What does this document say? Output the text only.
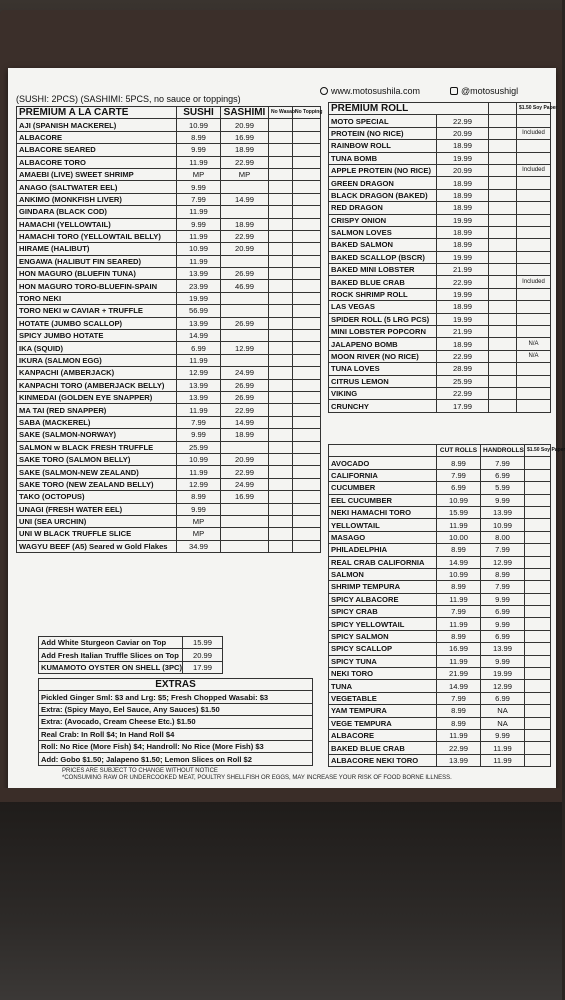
www.motosushila.com	@motosushigl
(SUSHI: 2PCS) (SASHIMI: 5PCS, no sauce or toppings)
PREMIUM A LA CARTE	SUSHI	SASHIMI	No Wasabi	No Topping
AJI (SPANISH MACKEREL)	10.99	20.99		
ALBACORE	8.99	16.99		
ALBACORE SEARED	9.99	18.99		
ALBACORE TORO	11.99	22.99		
AMAEBI (LIVE) SWEET SHRIMP	MP	MP		
ANAGO (SALTWATER EEL)	9.99			
ANKIMO (MONKFISH LIVER)	7.99	14.99		
GINDARA (BLACK COD)	11.99			
HAMACHI (YELLOWTAIL)	9.99	18.99		
HAMACHI TORO (YELLOWTAIL BELLY)	11.99	22.99		
HIRAME (HALIBUT)	10.99	20.99		
ENGAWA (HALIBUT FIN SEARED)	11.99			
HON MAGURO (BLUEFIN TUNA)	13.99	26.99		
HON MAGURO TORO-BLUEFIN-SPAIN	23.99	46.99		
TORO NEKI	19.99			
TORO NEKI w CAVIAR + TRUFFLE	56.99			
HOTATE (JUMBO SCALLOP)	13.99	26.99		
SPICY JUMBO HOTATE	14.99			
IKA (SQUID)	6.99	12.99		
IKURA (SALMON EGG)	11.99			
KANPACHI (AMBERJACK)	12.99	24.99		
KANPACHI TORO (AMBERJACK BELLY)	13.99	26.99		
KINMEDAI (GOLDEN EYE SNAPPER)	13.99	26.99		
MA TAI (RED SNAPPER)	11.99	22.99		
SABA (MACKEREL)	7.99	14.99		
SAKE (SALMON-NORWAY)	9.99	18.99		
SALMON w BLACK FRESH TRUFFLE	25.99			
SAKE TORO (SALMON BELLY)	10.99	20.99		
SAKE (SALMON-NEW ZEALAND)	11.99	22.99		
SAKE TORO (NEW ZEALAND BELLY)	12.99	24.99		
TAKO (OCTOPUS)	8.99	16.99		
UNAGI (FRESH WATER EEL)	9.99			
UNI (SEA URCHIN)	MP			
UNI W BLACK TRUFFLE SLICE	MP			
WAGYU BEEF (A5) Seared w Gold Flakes	34.99			
Add White Sturgeon Caviar on Top	15.99
Add Fresh Italian Truffle Slices on Top	20.99
KUMAMOTO OYSTER ON SHELL (3PC)	17.99
EXTRAS
Pickled Ginger Sml: $3 and Lrg: $5; Fresh Chopped Wasabi: $3
Extra: (Spicy Mayo, Eel Sauce, Any Sauces) $1.50
Extra: (Avocado, Cream Cheese Etc.) $1.50
Real Crab: In Roll $4; In Hand Roll $4
Roll: No Rice (More Fish) $4; Handroll: No Rice (More Fish) $3
Add: Gobo $1.50; Jalapeno $1.50; Lemon Slices on Roll $2
PREMIUM ROLL			$1.50 Soy Paper
MOTO SPECIAL	22.99		
PROTEIN (NO RICE)	20.99		Included
RAINBOW ROLL	18.99		
TUNA BOMB	19.99		
APPLE PROTEIN (NO RICE)	20.99		Included
GREEN DRAGON	18.99		
BLACK DRAGON (BAKED)	18.99		
RED DRAGON	18.99		
CRISPY ONION	19.99		
SALMON LOVES	18.99		
BAKED SALMON	18.99		
BAKED SCALLOP (BSCR)	19.99		
BAKED MINI LOBSTER	21.99		
BAKED BLUE CRAB	22.99		Included
ROCK SHRIMP ROLL	19.99		
LAS VEGAS	18.99		
SPIDER ROLL (5 LRG PCS)	19.99		
MINI LOBSTER POPCORN	21.99		
JALAPENO BOMB	18.99		N/A
MOON RIVER (NO RICE)	22.99		N/A
TUNA LOVES	28.99		
CITRUS LEMON	25.99		
VIKING	22.99		
CRUNCHY	17.99		
	CUT ROLLS	HANDROLLS	$1.50 Soy Paper
AVOCADO	8.99	7.99	
CALIFORNIA	7.99	6.99	
CUCUMBER	6.99	5.99	
EEL CUCUMBER	10.99	9.99	
NEKI HAMACHI TORO	15.99	13.99	
YELLOWTAIL	11.99	10.99	
MASAGO	10.00	8.00	
PHILADELPHIA	8.99	7.99	
REAL CRAB CALIFORNIA	14.99	12.99	
SALMON	10.99	8.99	
SHRIMP TEMPURA	8.99	7.99	
SPICY ALBACORE	11.99	9.99	
SPICY CRAB	7.99	6.99	
SPICY YELLOWTAIL	11.99	9.99	
SPICY SALMON	8.99	6.99	
SPICY SCALLOP	16.99	13.99	
SPICY TUNA	11.99	9.99	
NEKI TORO	21.99	19.99	
TUNA	14.99	12.99	
VEGETABLE	7.99	6.99	
YAM TEMPURA	8.99	NA	
VEGE TEMPURA	8.99	NA	
ALBACORE	11.99	9.99	
BAKED BLUE CRAB	22.99	11.99	
ALBACORE NEKI TORO	13.99	11.99	
PRICES ARE SUBJECT TO CHANGE WITHOUT NOTICE
*CONSUMING RAW OR UNDERCOOKED MEAT, POULTRY SHELLFISH OR EGGS, MAY INCREASE YOUR RISK OF FOOD BORNE ILLNESS.
